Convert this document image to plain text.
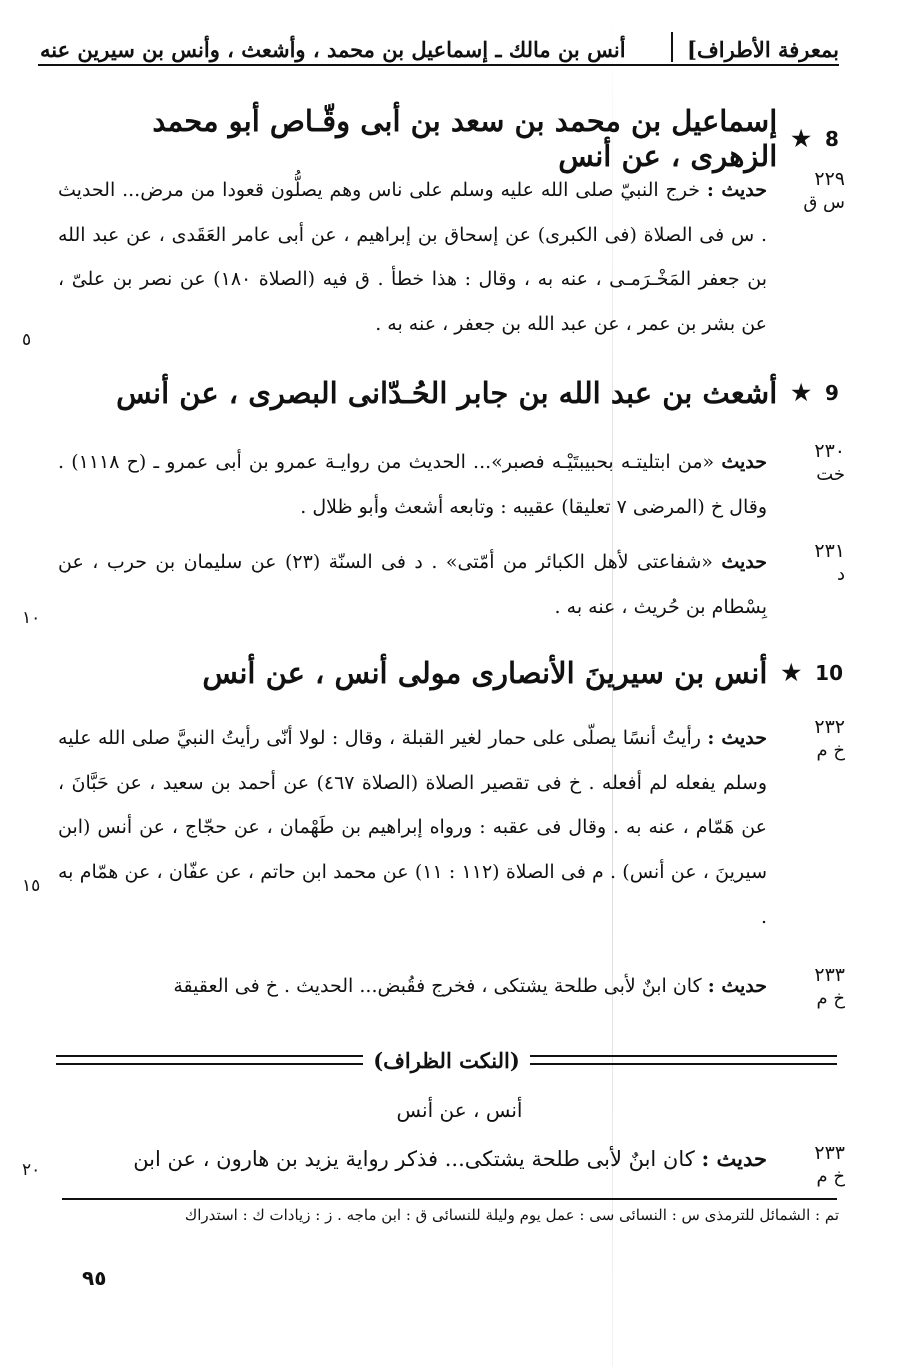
بمعرفة الأطراف]
أنس بن مالك ـ إسماعيل بن محمد ، وأشعث ، وأنس بن سيرين عنه
8
★
إسماعيل بن محمد بن سعد بن أبى وقّـاص أبو محمد الزهرى ، عن أنس
٢٢٩
س ق
حديث : خرج النبيّ صلى الله عليه وسلم على ناس وهم يصلُّون قعودا من مرض... الحديث . س فى الصلاة (فى الكبرى) عن إسحاق بن إبراهيم ، عن أبى عامر العَقَدى ، عن عبد الله بن جعفر المَخْـرَمـى ، عنه به ، وقال : هذا خطأ . ق فيه (الصلاة ١٨٠) عن نصر بن علىّ ، عن بشر بن عمر ، عن عبد الله بن جعفر ، عنه به .
٥
9
★
أشعث بن عبد الله بن جابر الحُـدّانى البصرى ، عن أنس
٢٣٠
خت
حديث «من ابتليتـه بحبيبتَيْـه فصبر»... الحديث من روايـة عمرو بن أبى عمرو ـ (ح ١١١٨) . وقال خ (المرضى ٧ تعليقا) عقيبه : وتابعه أشعث وأبو ظلال .
٢٣١
د
حديث «شفاعتى لأهل الكبائر من أمّتى» . د فى السنّة (٢٣) عن سليمان بن حرب ، عن بِسْطام بن حُريث ، عنه به .
١٠
10
★
أنس بن سيرينَ الأنصارى مولى أنس ، عن أنس
٢٣٢
خ م
حديث : رأيتُ أنسًا يصلّى على حمار لغير القبلة ، وقال : لولا أنّى رأيتُ النبيَّ صلى الله عليه وسلم يفعله لم أفعله . خ فى تقصير الصلاة (الصلاة ٤٦٧) عن أحمد بن سعيد ، عن حَبَّانَ ، عن هَمّام ، عنه به . وقال فى عقبه : ورواه إبراهيم بن طَهْمان ، عن حجّاج ، عن أنس (ابن سيرينَ ، عن أنس) . م فى الصلاة (١١٢ : ١١) عن محمد ابن حاتم ، عن عفّان ، عن همّام به .
١٥
٢٣٣
خ م
حديث : كان ابنٌ لأبى طلحة يشتكى ، فخرج فقُبض... الحديث . خ فى العقيقة
(النكت الظراف)
أنس ، عن أنس
٢٣٣
خ م
حديث : كان ابنٌ لأبى طلحة يشتكى... فذكر رواية يزيد بن هارون ، عن ابن
٢٠
تم : الشمائل للترمذى س : النسائى سى : عمل يوم وليلة للنسائى ق : ابن ماجه . ز : زيادات ك : استدراك
٩٥
